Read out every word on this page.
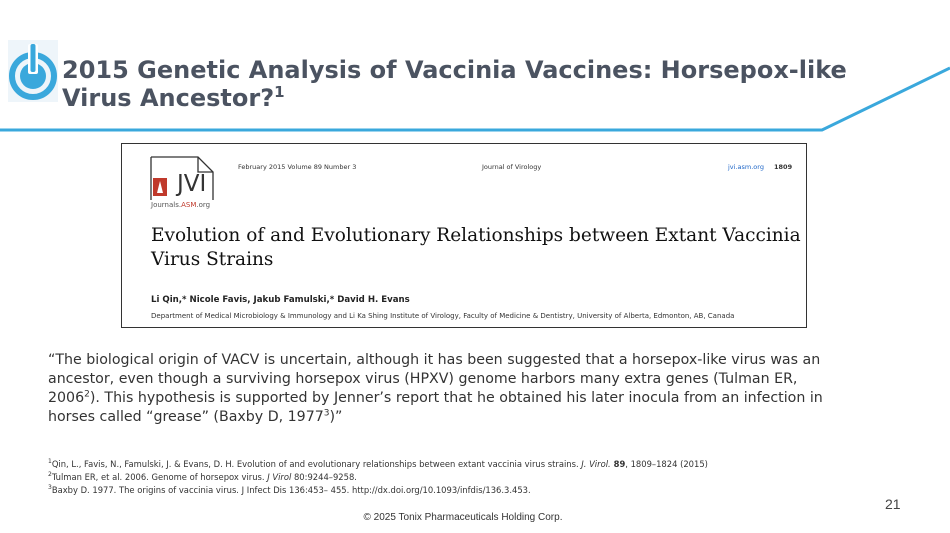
2015 Genetic Analysis of Vaccinia Vaccines: Horsepox-like Virus Ancestor?$^1$
JVI
Journals.ASM.org
February 2015 Volume 89 Number 3	Journal of Virology	jvi.asm.org 1809
Evolution of and Evolutionary Relationships between Extant Vaccinia Virus Strains
Li Qin,* Nicole Favis, Jakub Famulski,* David H. Evans
Department of Medical Microbiology & Immunology and Li Ka Shing Institute of Virology, Faculty of Medicine & Dentistry, University of Alberta, Edmonton, AB, Canada
“The biological origin of VACV is uncertain, although it has been suggested that a horsepox-like virus was an ancestor, even though a surviving horsepox virus (HPXV) genome harbors many extra genes (Tulman ER, 2006$^2$). This hypothesis is supported by Jenner’s report that he obtained his later inocula from an infection in horses called “grease” (Baxby D, 1977$^3$)”
$^1$Qin, L., Favis, N., Famulski, J. & Evans, D. H. Evolution of and evolutionary relationships between extant vaccinia virus strains. J. Virol. 89, 1809–1824 (2015)
$^2$Tulman ER, et al. 2006. Genome of horsepox virus. J Virol 80:9244–9258.
$^3$Baxby D. 1977. The origins of vaccinia virus. J Infect Dis 136:453– 455. http://dx.doi.org/10.1093/infdis/136.3.453.
21
© 2025 Tonix Pharmaceuticals Holding Corp.
